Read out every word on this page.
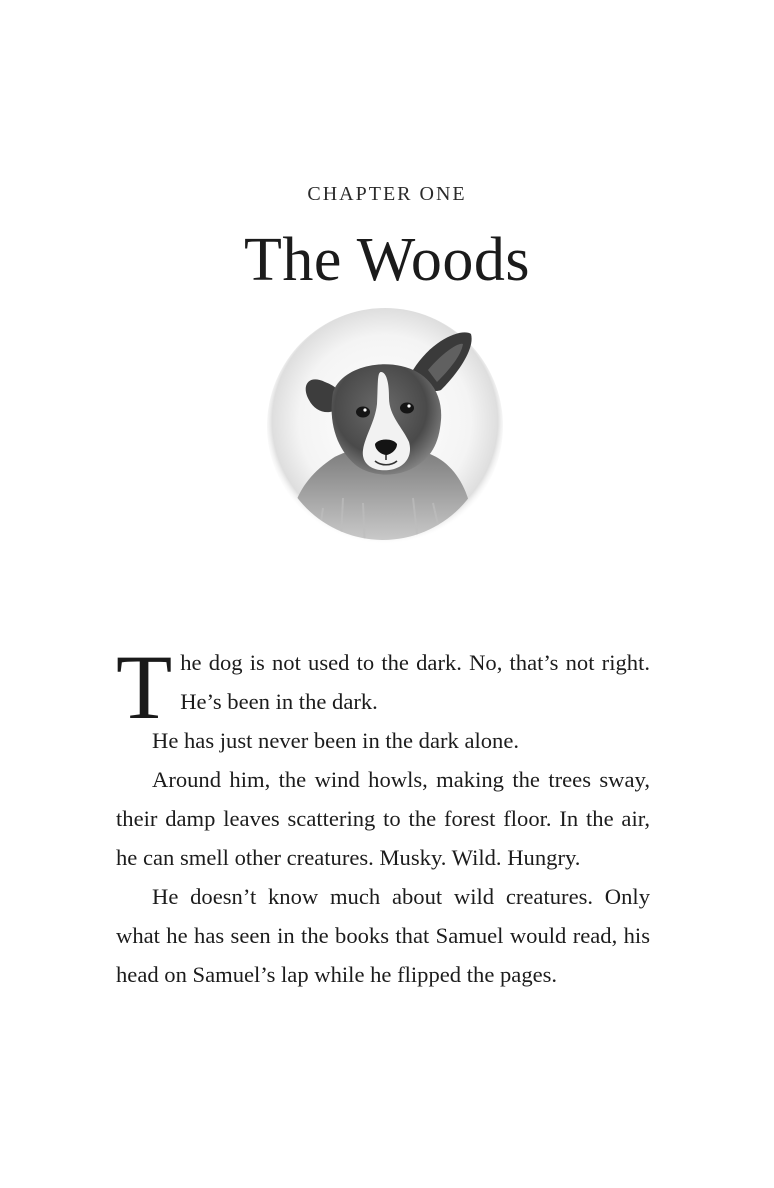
CHAPTER ONE
The Woods

The dog is not used to the dark. No, that’s not right. He’s been in the dark.

He has just never been in the dark alone.

Around him, the wind howls, making the trees sway, their damp leaves scattering to the forest floor. In the air, he can smell other creatures. Musky. Wild. Hungry.

He doesn’t know much about wild creatures. Only what he has seen in the books that Samuel would read, his head on Samuel’s lap while he flipped the pages.
